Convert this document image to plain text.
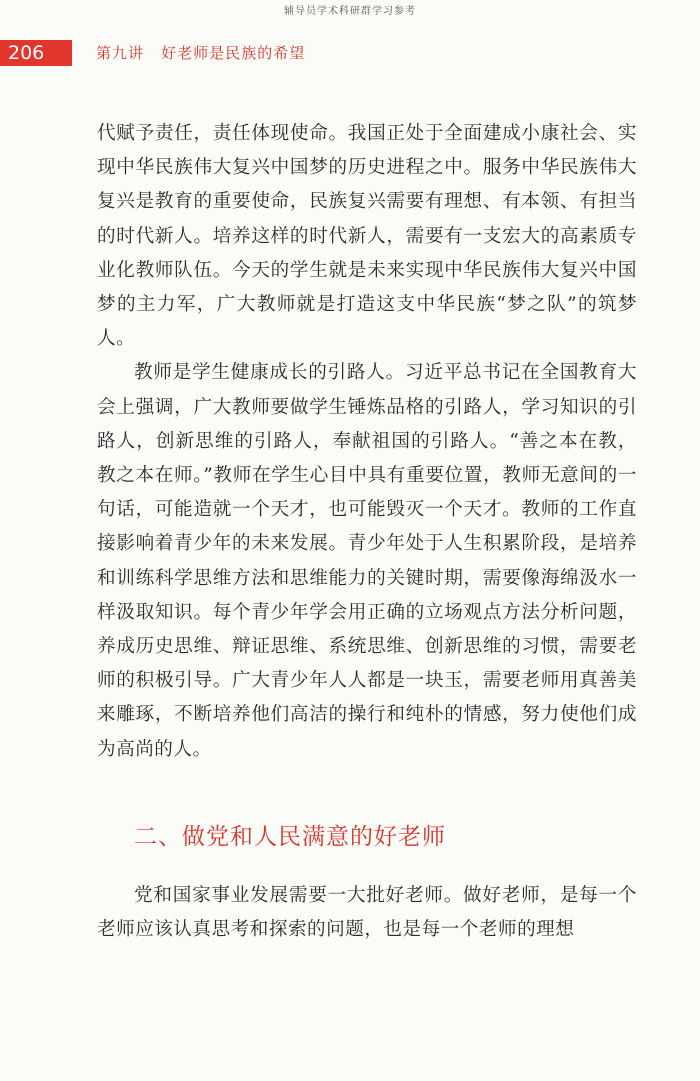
辅导员学术科研群学习参考
206	第九讲   好老师是民族的希望

代赋予责任，责任体现使命。我国正处于全面建成小康社会、实现中华民族伟大复兴中国梦的历史进程之中。服务中华民族伟大复兴是教育的重要使命，民族复兴需要有理想、有本领、有担当的时代新人。培养这样的时代新人，需要有一支宏大的高素质专业化教师队伍。今天的学生就是未来实现中华民族伟大复兴中国梦的主力军，广大教师就是打造这支中华民族“梦之队”的筑梦人。

教师是学生健康成长的引路人。习近平总书记在全国教育大会上强调，广大教师要做学生锤炼品格的引路人，学习知识的引路人，创新思维的引路人，奉献祖国的引路人。“善之本在教，教之本在师。”教师在学生心目中具有重要位置，教师无意间的一句话，可能造就一个天才，也可能毁灭一个天才。教师的工作直接影响着青少年的未来发展。青少年处于人生积累阶段，是培养和训练科学思维方法和思维能力的关键时期，需要像海绵汲水一样汲取知识。每个青少年学会用正确的立场观点方法分析问题，养成历史思维、辩证思维、系统思维、创新思维的习惯，需要老师的积极引导。广大青少年人人都是一块玉，需要老师用真善美来雕琢，不断培养他们高洁的操行和纯朴的情感，努力使他们成为高尚的人。

二、做党和人民满意的好老师

党和国家事业发展需要一大批好老师。做好老师，是每一个老师应该认真思考和探索的问题，也是每一个老师的理想
